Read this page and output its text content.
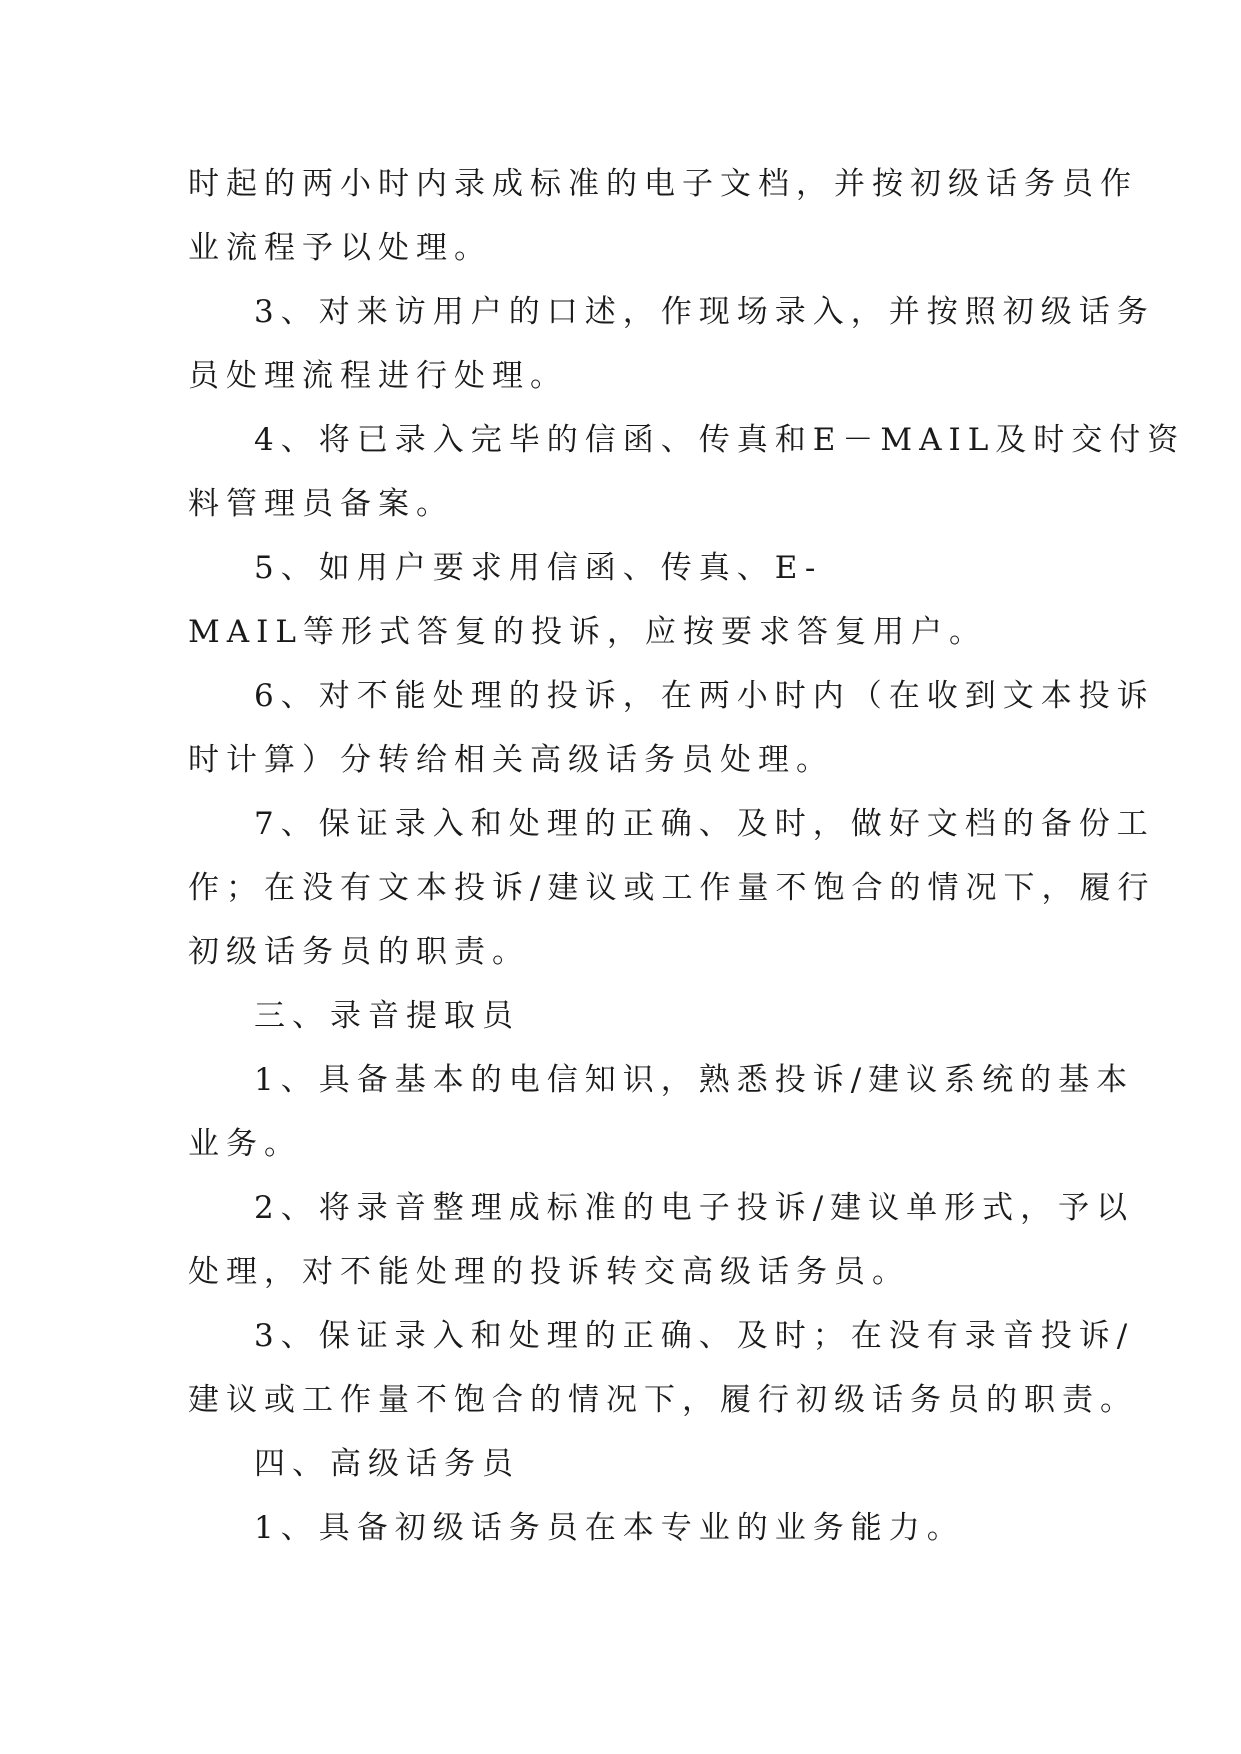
时起的两小时内录成标准的电子文档，并按初级话务员作
业流程予以处理。
3、对来访用户的口述，作现场录入，并按照初级话务
员处理流程进行处理。
4、将已录入完毕的信函、传真和E－MAIL及时交付资
料管理员备案。
5、如用户要求用信函、传真、E-
MAIL等形式答复的投诉，应按要求答复用户。
6、对不能处理的投诉，在两小时内（在收到文本投诉
时计算）分转给相关高级话务员处理。
7、保证录入和处理的正确、及时，做好文档的备份工
作；在没有文本投诉/建议或工作量不饱合的情况下，履行
初级话务员的职责。
三、录音提取员
1、具备基本的电信知识，熟悉投诉/建议系统的基本
业务。
2、将录音整理成标准的电子投诉/建议单形式，予以
处理，对不能处理的投诉转交高级话务员。
3、保证录入和处理的正确、及时；在没有录音投诉/
建议或工作量不饱合的情况下，履行初级话务员的职责。
四、高级话务员
1、具备初级话务员在本专业的业务能力。
